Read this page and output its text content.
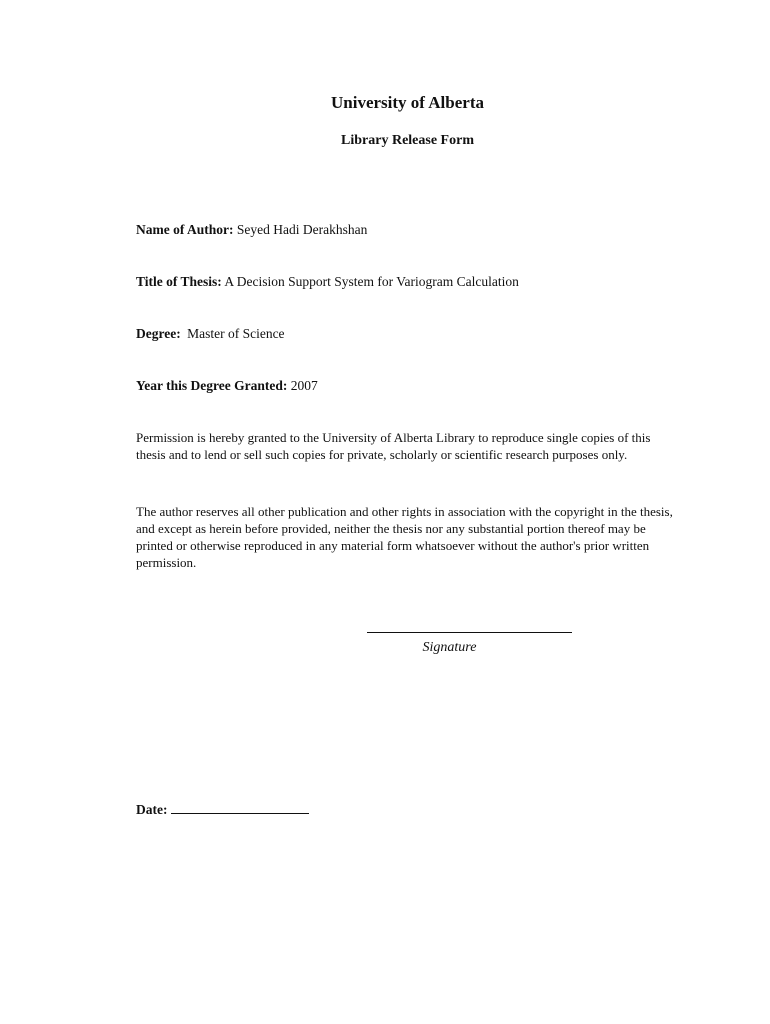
University of Alberta
Library Release Form
Name of Author: Seyed Hadi Derakhshan
Title of Thesis: A Decision Support System for Variogram Calculation
Degree: Master of Science
Year this Degree Granted: 2007
Permission is hereby granted to the University of Alberta Library to reproduce single copies of this thesis and to lend or sell such copies for private, scholarly or scientific research purposes only.
The author reserves all other publication and other rights in association with the copyright in the thesis, and except as herein before provided, neither the thesis nor any substantial portion thereof may be printed or otherwise reproduced in any material form whatsoever without the author's prior written permission.
Signature
Date:
